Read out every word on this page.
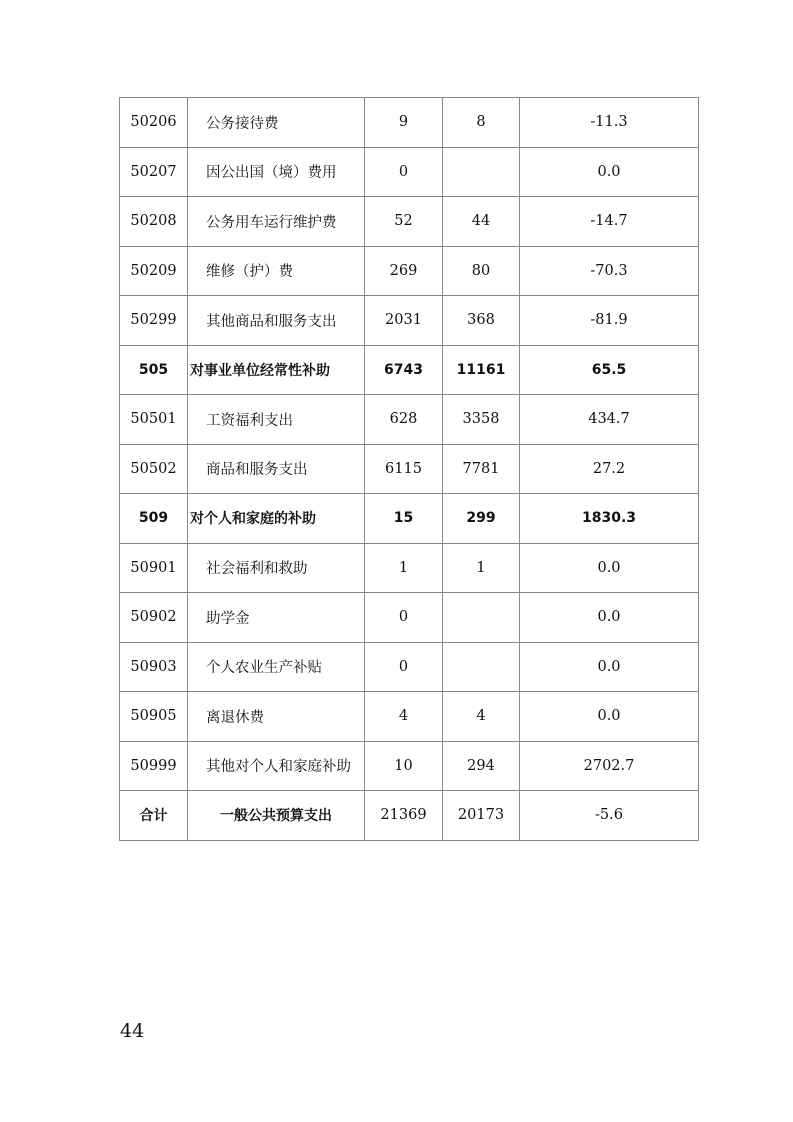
50206	公务接待费	9	8	-11.3
50207	因公出国（境）费用	0		0.0
50208	公务用车运行维护费	52	44	-14.7
50209	维修（护）费	269	80	-70.3
50299	其他商品和服务支出	2031	368	-81.9
505	对事业单位经常性补助	6743	11161	65.5
50501	工资福利支出	628	3358	434.7
50502	商品和服务支出	6115	7781	27.2
509	对个人和家庭的补助	15	299	1830.3
50901	社会福利和救助	1	1	0.0
50902	助学金	0		0.0
50903	个人农业生产补贴	0		0.0
50905	离退休费	4	4	0.0
50999	其他对个人和家庭补助	10	294	2702.7
合计	一般公共预算支出	21369	20173	-5.6
44
